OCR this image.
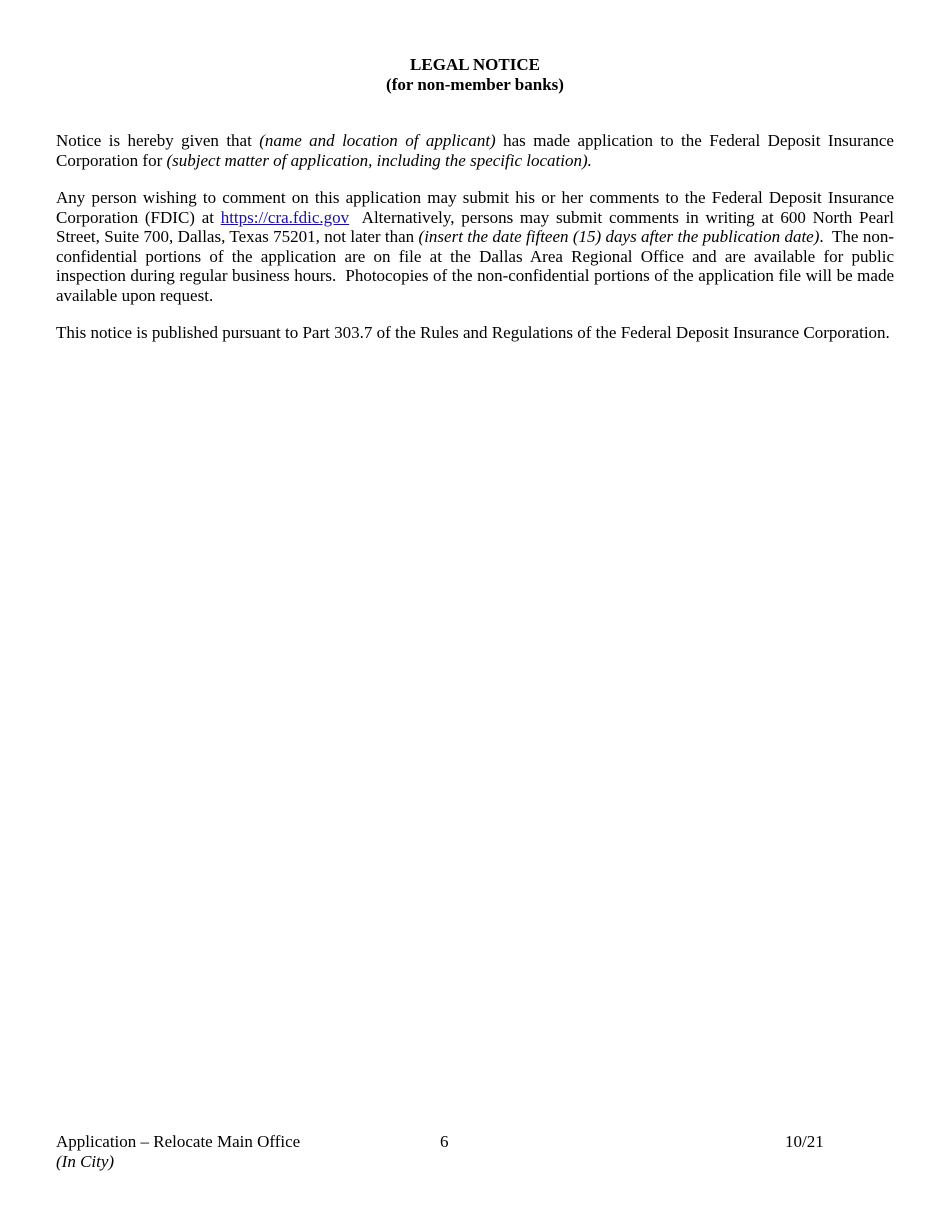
LEGAL NOTICE
(for non-member banks)

Notice is hereby given that (name and location of applicant) has made application to the Federal Deposit Insurance Corporation for (subject matter of application, including the specific location).

Any person wishing to comment on this application may submit his or her comments to the Federal Deposit Insurance Corporation (FDIC) at https://cra.fdic.gov  Alternatively, persons may submit comments in writing at 600 North Pearl Street, Suite 700, Dallas, Texas 75201, not later than (insert the date fifteen (15) days after the publication date).  The non-confidential portions of the application are on file at the Dallas Area Regional Office and are available for public inspection during regular business hours.  Photocopies of the non-confidential portions of the application file will be made available upon request.

This notice is published pursuant to Part 303.7 of the Rules and Regulations of the Federal Deposit Insurance Corporation.

Application – Relocate Main Office
(In City)
6	10/21
